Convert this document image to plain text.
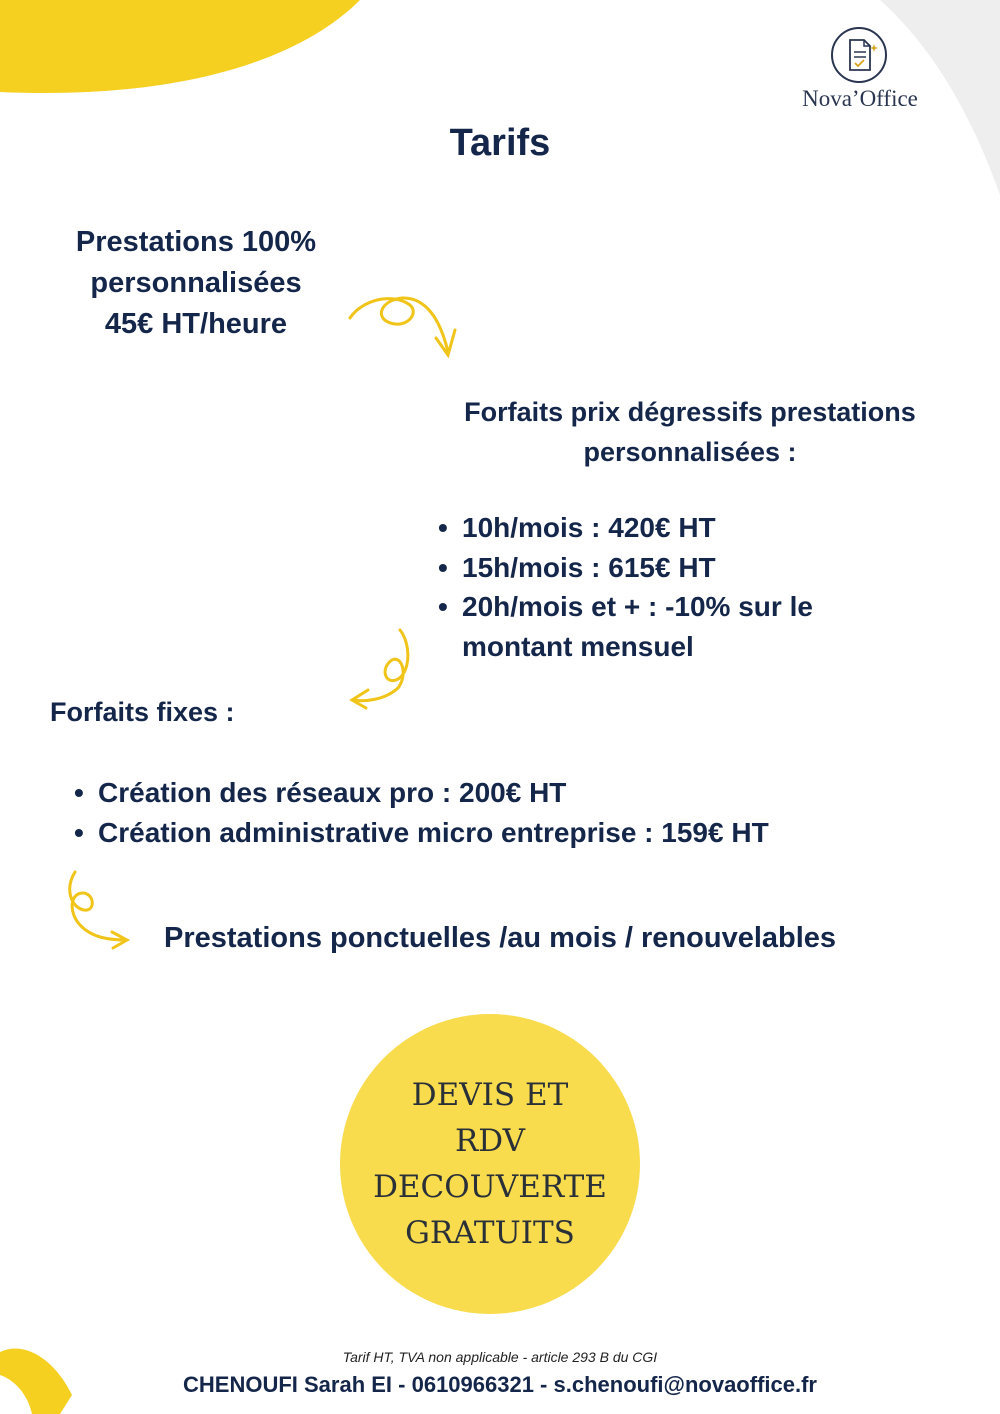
Nova’Office
Tarifs
Prestations 100%
personnalisées
45€ HT/heure
Forfaits prix dégressifs prestations
personnalisées :
• 10h/mois : 420€ HT
• 15h/mois : 615€ HT
• 20h/mois et + : -10% sur le montant mensuel
Forfaits fixes :
• Création des réseaux pro : 200€ HT
• Création administrative micro entreprise : 159€ HT
Prestations ponctuelles /au mois / renouvelables
DEVIS ET
RDV
DECOUVERTE
GRATUITS
Tarif HT, TVA non applicable - article 293 B du CGI
CHENOUFI Sarah EI - 0610966321 - s.chenoufi@novaoffice.fr
